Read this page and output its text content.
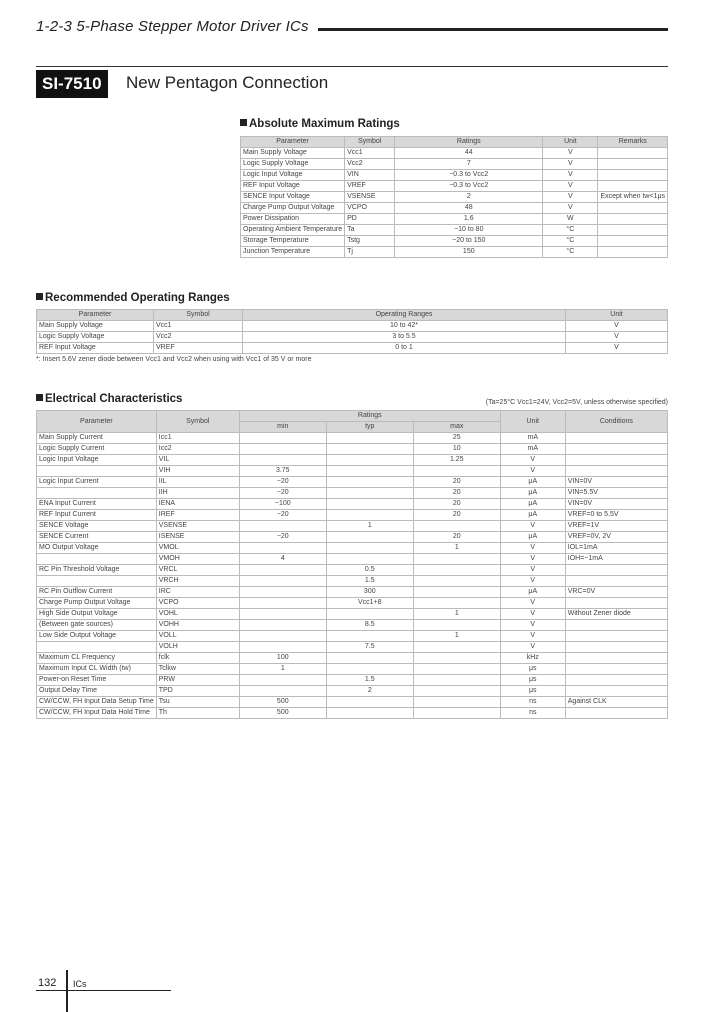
1-2-3 5-Phase Stepper Motor Driver ICs
SI-7510	New Pentagon Connection
Absolute Maximum Ratings
Parameter	Symbol	Ratings	Unit	Remarks
Main Supply Voltage	Vcc1	44	V	
Logic Supply Voltage	Vcc2	7	V	
Logic Input Voltage	VIN	−0.3 to Vcc2	V	
REF Input Voltage	VREF	−0.3 to Vcc2	V	
SENCE Input Voltage	VSENSE	2	V	Except when tw<1μs
Charge Pump Output Voltage	VCPO	48	V	
Power Dissipation	PD	1.6	W	
Operating Ambient Temperature	Ta	−10 to 80	°C	
Storage Temperature	Tstg	−20 to 150	°C	
Junction Temperature	Tj	150	°C	
Recommended Operating Ranges
Parameter	Symbol	Operating Ranges	Unit
Main Supply Voltage	Vcc1	10 to 42*	V
Logic Supply Voltage	Vcc2	3 to 5.5	V
REF Input Voltage	VREF	0 to 1	V
*: Insert 5.6V zener diode between Vcc1 and Vcc2 when using with Vcc1 of 35 V or more
Electrical Characteristics	(Ta=25°C Vcc1=24V, Vcc2=5V, unless otherwise specified)
Parameter	Symbol	Ratings			Unit	Conditions
		min	typ	max		
Main Supply Current	Icc1			25	mA	
Logic Supply Current	Icc2			10	mA	
Logic Input Voltage	VIL			1.25	V	
	VIH	3.75			V	
Logic Input Current	IIL	−20		20	μA	VIN=0V
	IIH	−20		20	μA	VIN=5.5V
ENA Input Current	IENA	−100		20	μA	VIN=0V
REF Input Current	IREF	−20		20	μA	VREF=0 to 5.5V
SENCE Voltage	VSENSE		1		V	VREF=1V
SENCE Current	ISENSE	−20		20	μA	VREF=0V, 2V
MO Output Voltage	VMOL			1	V	IOL=1mA
	VMOH	4			V	IOH=−1mA
RC Pin Threshold Voltage	VRCL		0.5		V	
	VRCH		1.5		V	
RC Pin Outflow Current	IRC		300		μA	VRC=0V
Charge Pump Output Voltage	VCPO		Vcc1+8		V	
High Side Output Voltage	VOHL			1	V	Without Zener diode
(Between gate sources)	VOHH		8.5		V	
Low Side Output Voltage	VOLL			1	V	
	VOLH		7.5		V	
Maximum CL Frequency	fclk	100			kHz	
Maximum Input CL Width (tw)	Tclkw	1			μs	
Power-on Reset Time	PRW		1.5		μs	
Output Delay Time	TPD		2		μs	
CW/CCW, FH Input Data Setup Time	Tsu	500			ns	Against CLK
CW/CCW, FH Input Data Hold Time	Th	500			ns	
132 ICs
